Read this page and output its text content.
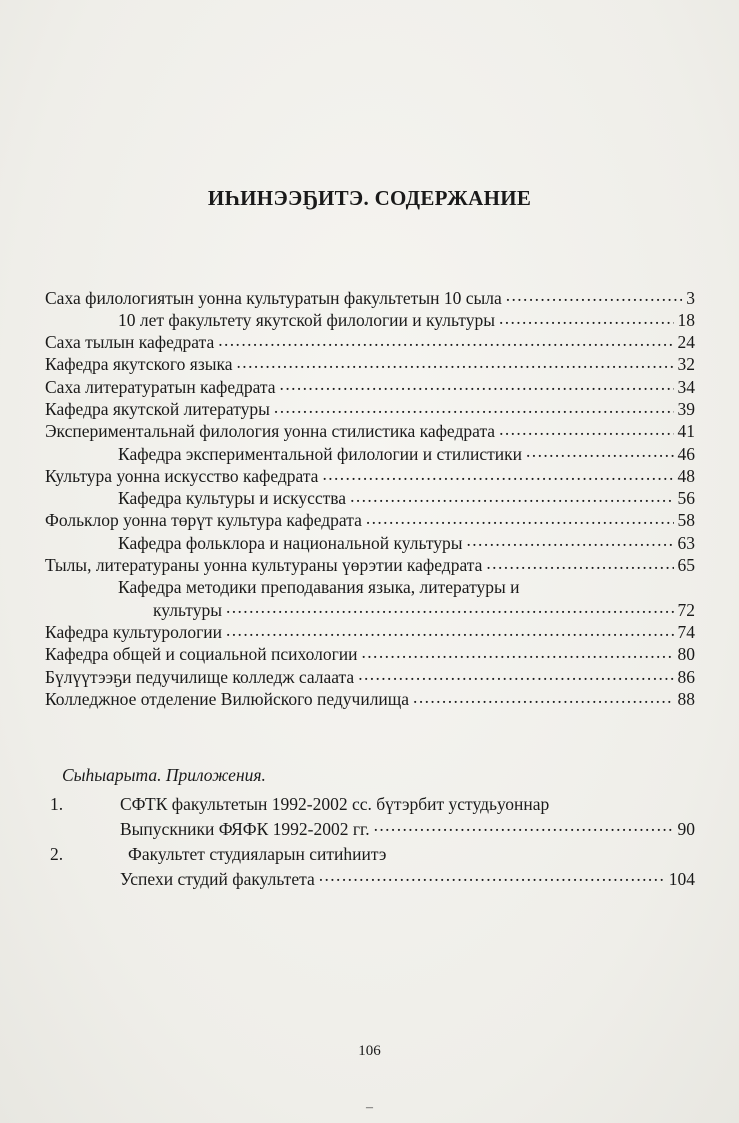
ИҺИНЭЭҔИТЭ. СОДЕРЖАНИЕ
Саха филологиятын уонна культуратын факультетын 10 сыла .....	3
10 лет факультету якутской филологии и культуры .....	18
Саха тылын кафедрата .....	24
Кафедра якутского языка .....	32
Саха литературатын кафедрата .....	34
Кафедра якутской литературы .....	39
Экспериментальнай филология уонна стилистика кафедрата .....	41
Кафедра экспериментальной филологии и стилистики .....	46
Культура уонна искусство кафедрата .....	48
Кафедра культуры и искусства .....	56
Фольклор уонна төрүт культура кафедрата .....	58
Кафедра фольклора и национальной культуры .....	63
Тылы, литератураны уонна культураны үөрэтии кафедрата .....	65
Кафедра методики преподавания языка, литературы и
культуры .....	72
Кафедра культурологии .....	74
Кафедра общей и социальной психологии .....	80
Бүлүүтээҕи педучилище колледж салаата .....	86
Колледжное отделение Вилюйского педучилища .....	88
Сыһыарыта. Приложения.
1.	СФТК факультетын 1992-2002 сс. бүтэрбит устудьуоннар
Выпускники ФЯФК 1992-2002 гг. .....	90
2.	Факультет студияларын ситиһиитэ
Успехи студий факультета .....	104
106
–
